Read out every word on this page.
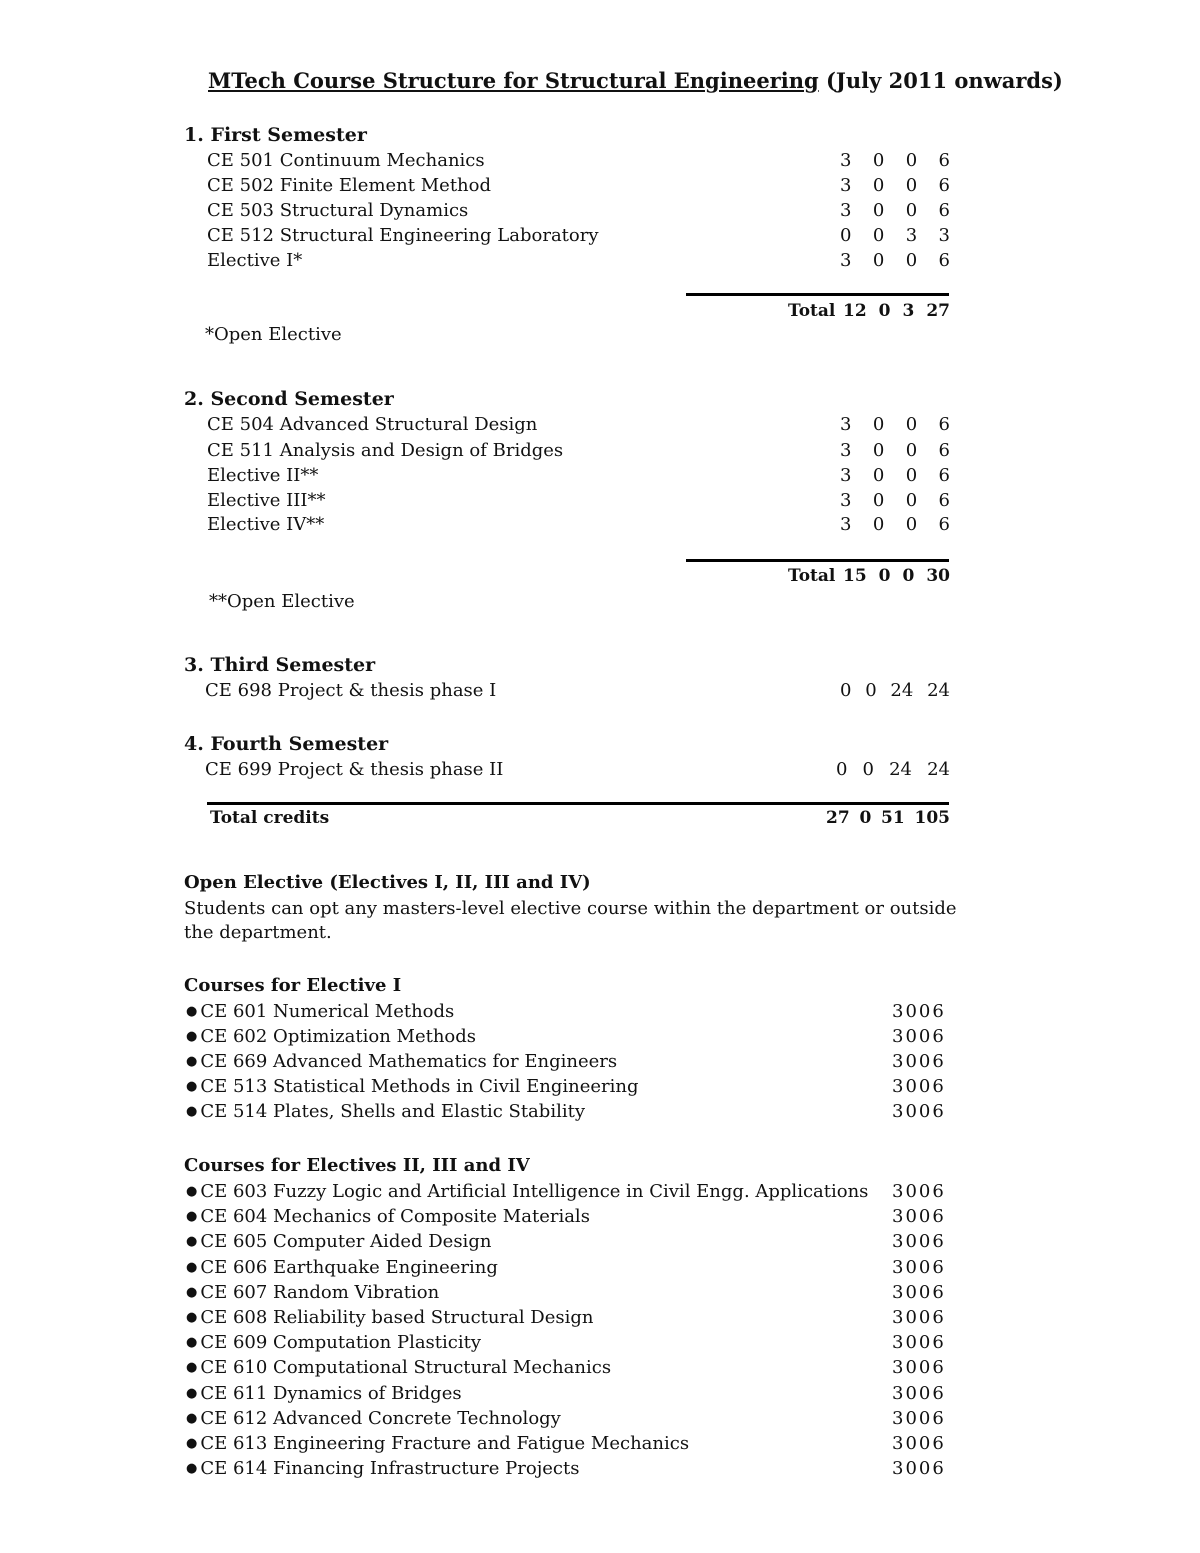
MTech Course Structure for Structural Engineering (July 2011 onwards)
1. First Semester
CE 501 Continuum Mechanics	3 0 0 6
CE 502 Finite Element Method	3 0 0 6
CE 503 Structural Dynamics	3 0 0 6
CE 512 Structural Engineering Laboratory	0 0 3 3
Elective I*	3 0 0 6
Total 12 0 3 27
*Open Elective
2. Second Semester
CE 504 Advanced Structural Design	3 0 0 6
CE 511 Analysis and Design of Bridges	3 0 0 6
Elective II**	3 0 0 6
Elective III**	3 0 0 6
Elective IV**	3 0 0 6
Total 15 0 0 30
**Open Elective
3. Third Semester
CE 698 Project & thesis phase I	0 0 24 24
4. Fourth Semester
CE 699 Project & thesis phase II	0 0 24 24
Total credits	27 0 51 105
Open Elective (Electives I, II, III and IV)
Students can opt any masters-level elective course within the department or outside the department.
Courses for Elective I
● CE 601 Numerical Methods	3006
● CE 602 Optimization Methods	3006
● CE 669 Advanced Mathematics for Engineers	3006
● CE 513 Statistical Methods in Civil Engineering	3006
● CE 514 Plates, Shells and Elastic Stability	3006
Courses for Electives II, III and IV
● CE 603 Fuzzy Logic and Artificial Intelligence in Civil Engg. Applications 3006
● CE 604 Mechanics of Composite Materials	3006
● CE 605 Computer Aided Design	3006
● CE 606 Earthquake Engineering	3006
● CE 607 Random Vibration	3006
● CE 608 Reliability based Structural Design	3006
● CE 609 Computation Plasticity	3006
● CE 610 Computational Structural Mechanics	3006
● CE 611 Dynamics of Bridges	3006
● CE 612 Advanced Concrete Technology	3006
● CE 613 Engineering Fracture and Fatigue Mechanics	3006
● CE 614 Financing Infrastructure Projects	3006
